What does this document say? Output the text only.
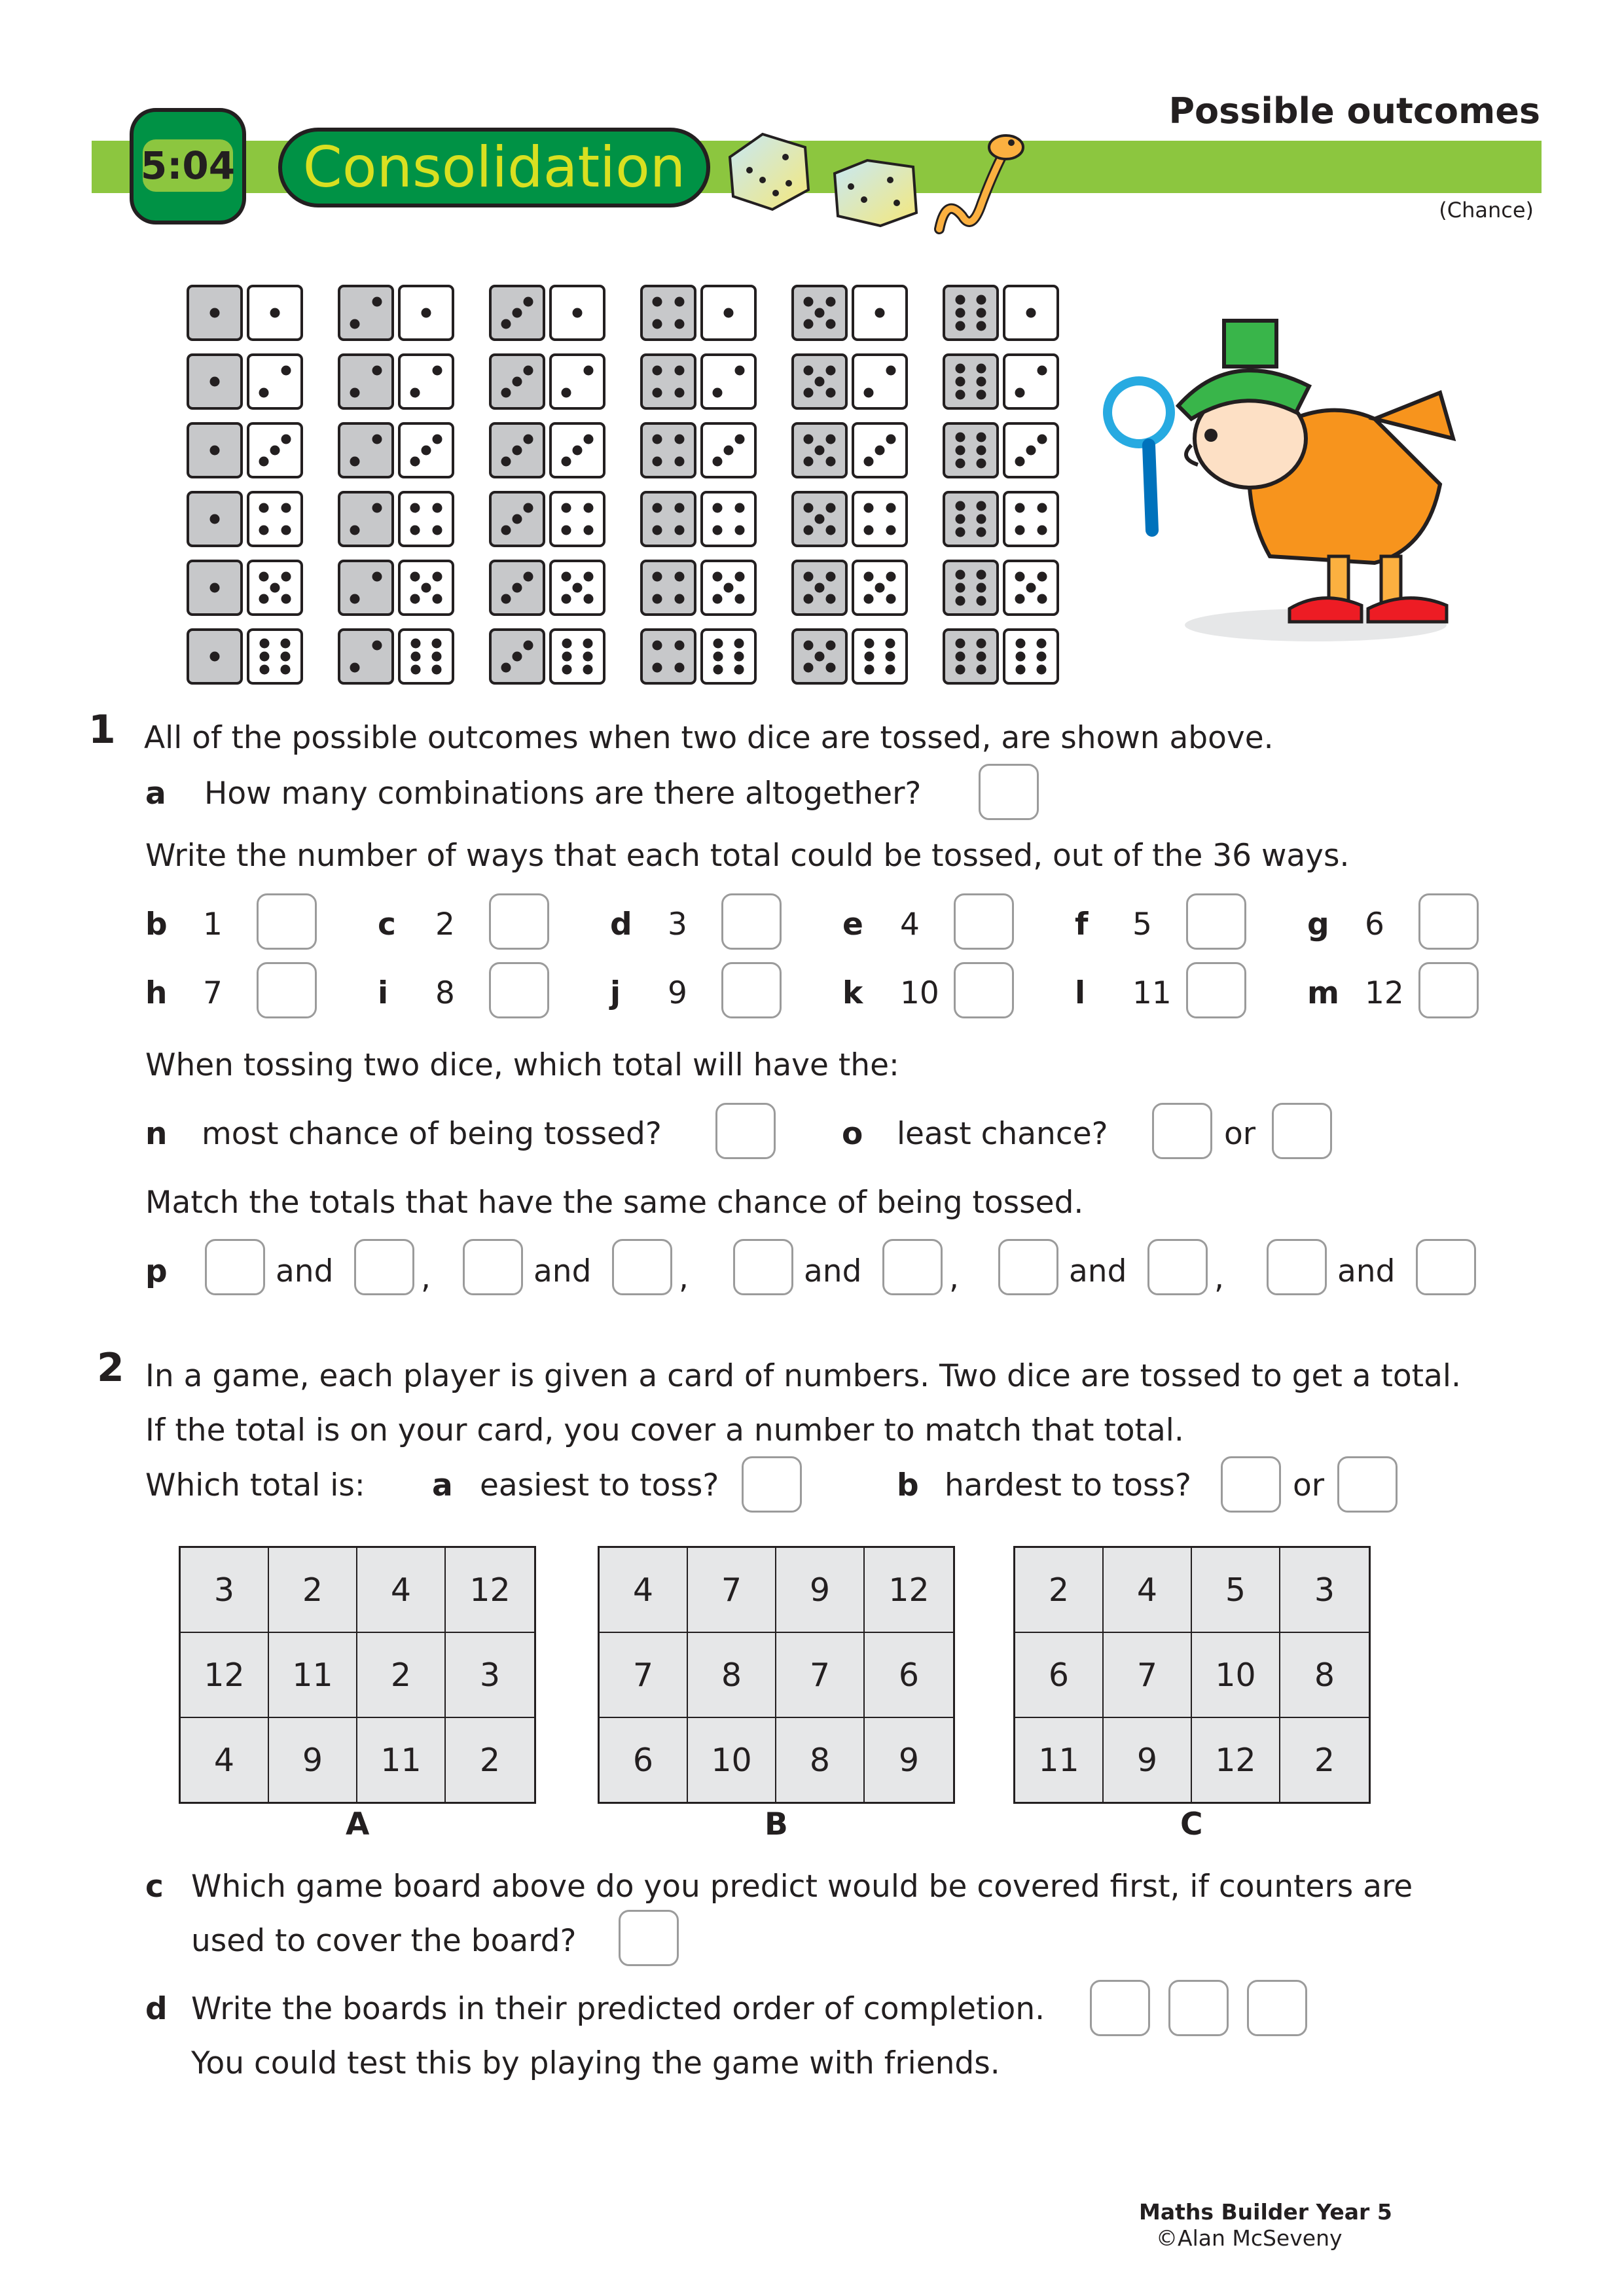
5:04	Consolidation
Possible outcomes
(Chance)
1 All of the possible outcomes when two dice are tossed, are shown above.
a How many combinations are there altogether?
Write the number of ways that each total could be tossed, out of the 36 ways.
b 1	c 2	d 3	e 4	f 5	g 6
h 7	i 8	j 9	k 10	l 11	m 12
When tossing two dice, which total will have the:
n most chance of being tossed?	o least chance?	or
Match the totals that have the same chance of being tossed.
p	and	,	and	,	and	,	and	,	and
2 In a game, each player is given a card of numbers. Two dice are tossed to get a total.
If the total is on your card, you cover a number to match that total.
Which total is: a easiest to toss?	b hardest to toss?	or
3	2	4	12
12	11	2	3
4	9	11	2
A
4	7	9	12
7	8	7	6
6	10	8	9
B
2	4	5	3
6	7	10	8
11	9	12	2
C
c Which game board above do you predict would be covered first, if counters are
used to cover the board?
d Write the boards in their predicted order of completion.
You could test this by playing the game with friends.
Maths Builder Year 5
©Alan McSeveny
